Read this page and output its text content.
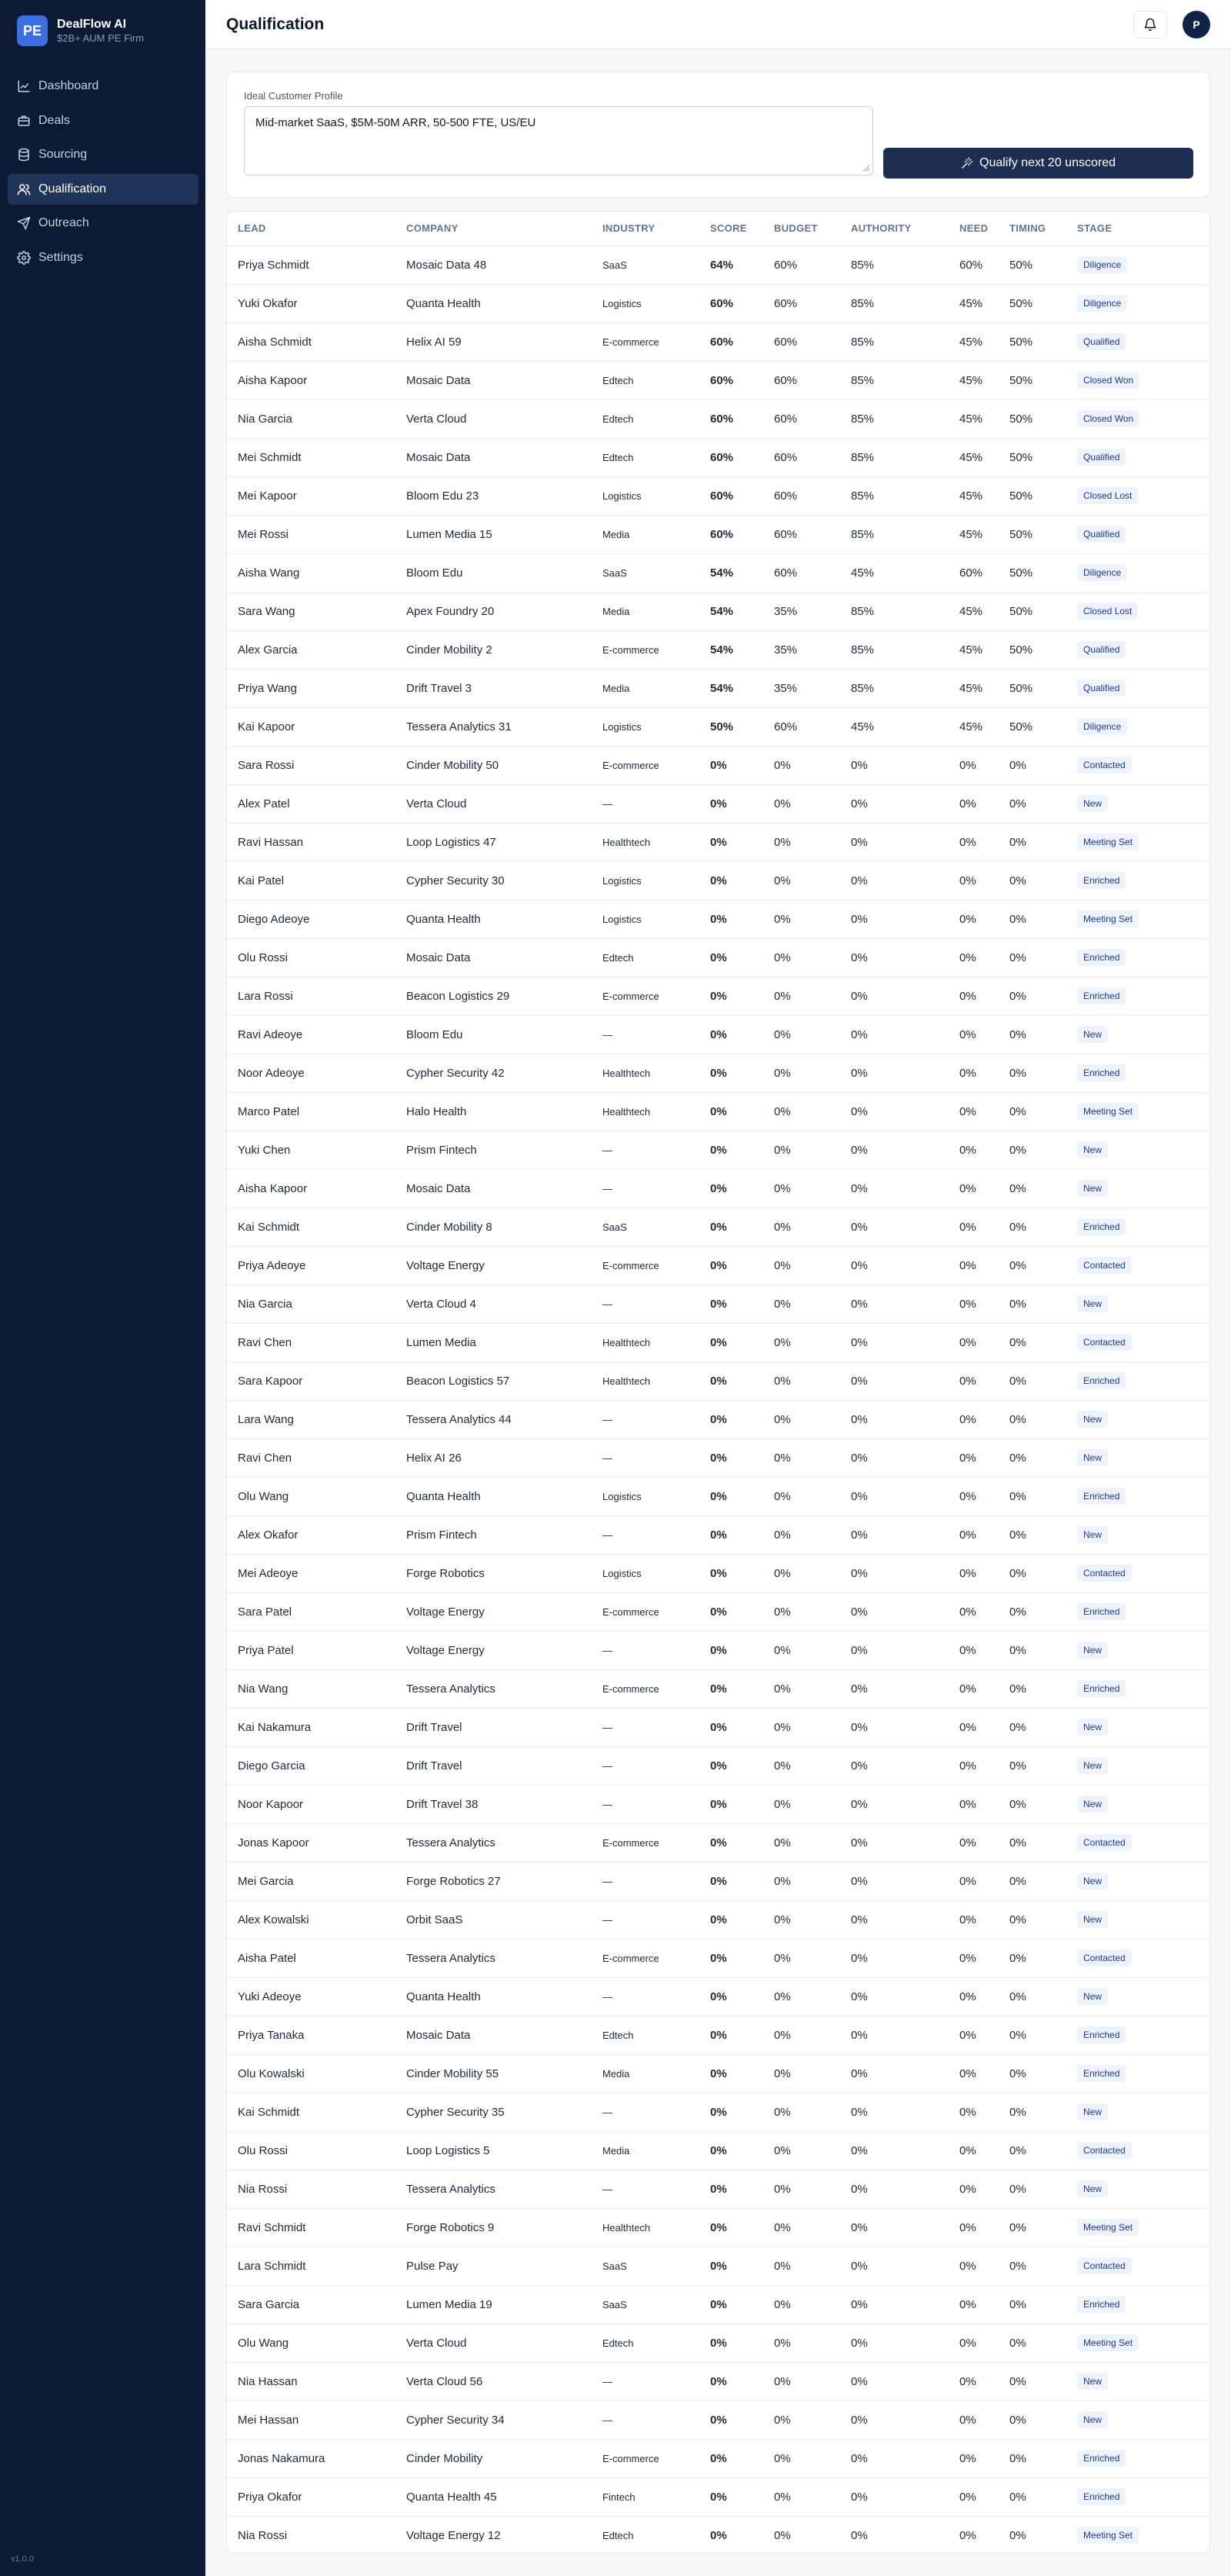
PE	DealFlow AI
$2B+ AUM PE Firm
Dashboard
Deals
Sourcing
Qualification
Outreach
Settings
v1.0.0
Qualification	P
Ideal Customer Profile
Mid-market SaaS, $5M-50M ARR, 50-500 FTE, US/EU
Qualify next 20 unscored
LEAD	COMPANY	INDUSTRY	SCORE	BUDGET	AUTHORITY	NEED	TIMING	STAGE
Priya Schmidt	Mosaic Data 48	SaaS	64%	60%	85%	60%	50%	Diligence
Yuki Okafor	Quanta Health	Logistics	60%	60%	85%	45%	50%	Diligence
Aisha Schmidt	Helix AI 59	E-commerce	60%	60%	85%	45%	50%	Qualified
Aisha Kapoor	Mosaic Data	Edtech	60%	60%	85%	45%	50%	Closed Won
Nia Garcia	Verta Cloud	Edtech	60%	60%	85%	45%	50%	Closed Won
Mei Schmidt	Mosaic Data	Edtech	60%	60%	85%	45%	50%	Qualified
Mei Kapoor	Bloom Edu 23	Logistics	60%	60%	85%	45%	50%	Closed Lost
Mei Rossi	Lumen Media 15	Media	60%	60%	85%	45%	50%	Qualified
Aisha Wang	Bloom Edu	SaaS	54%	60%	45%	60%	50%	Diligence
Sara Wang	Apex Foundry 20	Media	54%	35%	85%	45%	50%	Closed Lost
Alex Garcia	Cinder Mobility 2	E-commerce	54%	35%	85%	45%	50%	Qualified
Priya Wang	Drift Travel 3	Media	54%	35%	85%	45%	50%	Qualified
Kai Kapoor	Tessera Analytics 31	Logistics	50%	60%	45%	45%	50%	Diligence
Sara Rossi	Cinder Mobility 50	E-commerce	0%	0%	0%	0%	0%	Contacted
Alex Patel	Verta Cloud	—	0%	0%	0%	0%	0%	New
Ravi Hassan	Loop Logistics 47	Healthtech	0%	0%	0%	0%	0%	Meeting Set
Kai Patel	Cypher Security 30	Logistics	0%	0%	0%	0%	0%	Enriched
Diego Adeoye	Quanta Health	Logistics	0%	0%	0%	0%	0%	Meeting Set
Olu Rossi	Mosaic Data	Edtech	0%	0%	0%	0%	0%	Enriched
Lara Rossi	Beacon Logistics 29	E-commerce	0%	0%	0%	0%	0%	Enriched
Ravi Adeoye	Bloom Edu	—	0%	0%	0%	0%	0%	New
Noor Adeoye	Cypher Security 42	Healthtech	0%	0%	0%	0%	0%	Enriched
Marco Patel	Halo Health	Healthtech	0%	0%	0%	0%	0%	Meeting Set
Yuki Chen	Prism Fintech	—	0%	0%	0%	0%	0%	New
Aisha Kapoor	Mosaic Data	—	0%	0%	0%	0%	0%	New
Kai Schmidt	Cinder Mobility 8	SaaS	0%	0%	0%	0%	0%	Enriched
Priya Adeoye	Voltage Energy	E-commerce	0%	0%	0%	0%	0%	Contacted
Nia Garcia	Verta Cloud 4	—	0%	0%	0%	0%	0%	New
Ravi Chen	Lumen Media	Healthtech	0%	0%	0%	0%	0%	Contacted
Sara Kapoor	Beacon Logistics 57	Healthtech	0%	0%	0%	0%	0%	Enriched
Lara Wang	Tessera Analytics 44	—	0%	0%	0%	0%	0%	New
Ravi Chen	Helix AI 26	—	0%	0%	0%	0%	0%	New
Olu Wang	Quanta Health	Logistics	0%	0%	0%	0%	0%	Enriched
Alex Okafor	Prism Fintech	—	0%	0%	0%	0%	0%	New
Mei Adeoye	Forge Robotics	Logistics	0%	0%	0%	0%	0%	Contacted
Sara Patel	Voltage Energy	E-commerce	0%	0%	0%	0%	0%	Enriched
Priya Patel	Voltage Energy	—	0%	0%	0%	0%	0%	New
Nia Wang	Tessera Analytics	E-commerce	0%	0%	0%	0%	0%	Enriched
Kai Nakamura	Drift Travel	—	0%	0%	0%	0%	0%	New
Diego Garcia	Drift Travel	—	0%	0%	0%	0%	0%	New
Noor Kapoor	Drift Travel 38	—	0%	0%	0%	0%	0%	New
Jonas Kapoor	Tessera Analytics	E-commerce	0%	0%	0%	0%	0%	Contacted
Mei Garcia	Forge Robotics 27	—	0%	0%	0%	0%	0%	New
Alex Kowalski	Orbit SaaS	—	0%	0%	0%	0%	0%	New
Aisha Patel	Tessera Analytics	E-commerce	0%	0%	0%	0%	0%	Contacted
Yuki Adeoye	Quanta Health	—	0%	0%	0%	0%	0%	New
Priya Tanaka	Mosaic Data	Edtech	0%	0%	0%	0%	0%	Enriched
Olu Kowalski	Cinder Mobility 55	Media	0%	0%	0%	0%	0%	Enriched
Kai Schmidt	Cypher Security 35	—	0%	0%	0%	0%	0%	New
Olu Rossi	Loop Logistics 5	Media	0%	0%	0%	0%	0%	Contacted
Nia Rossi	Tessera Analytics	—	0%	0%	0%	0%	0%	New
Ravi Schmidt	Forge Robotics 9	Healthtech	0%	0%	0%	0%	0%	Meeting Set
Lara Schmidt	Pulse Pay	SaaS	0%	0%	0%	0%	0%	Contacted
Sara Garcia	Lumen Media 19	SaaS	0%	0%	0%	0%	0%	Enriched
Olu Wang	Verta Cloud	Edtech	0%	0%	0%	0%	0%	Meeting Set
Nia Hassan	Verta Cloud 56	—	0%	0%	0%	0%	0%	New
Mei Hassan	Cypher Security 34	—	0%	0%	0%	0%	0%	New
Jonas Nakamura	Cinder Mobility	E-commerce	0%	0%	0%	0%	0%	Enriched
Priya Okafor	Quanta Health 45	Fintech	0%	0%	0%	0%	0%	Enriched
Nia Rossi	Voltage Energy 12	Edtech	0%	0%	0%	0%	0%	Meeting Set
